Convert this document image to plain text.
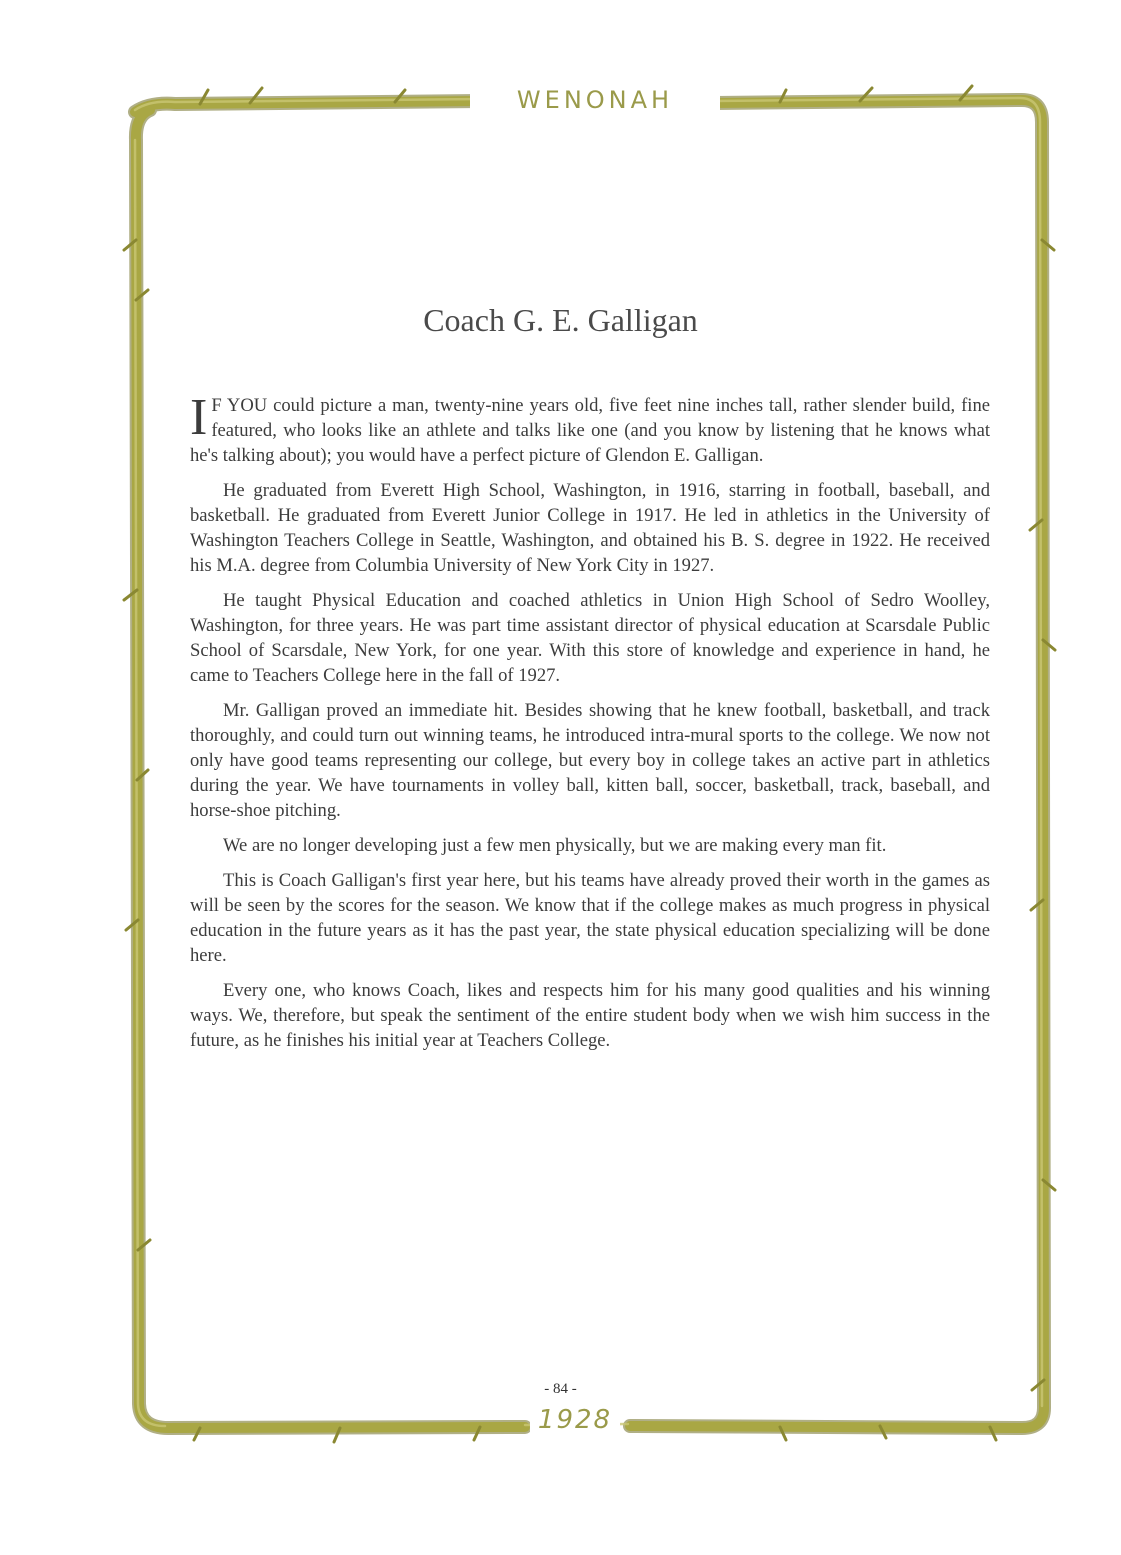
WENONAH
Coach G. E. Galligan

I F YOU could picture a man, twenty-nine years old, five feet nine inches tall, rather slender build, fine featured, who looks like an athlete and talks like one (and you know by listening that he knows what he's talking about); you would have a perfect picture of Glendon E. Galligan.

He graduated from Everett High School, Washington, in 1916, starring in football, baseball, and basketball. He graduated from Everett Junior College in 1917. He led in athletics in the University of Washington Teachers College in Seattle, Washington, and obtained his B. S. degree in 1922. He received his M.A. degree from Columbia University of New York City in 1927.

He taught Physical Education and coached athletics in Union High School of Sedro Woolley, Washington, for three years. He was part time assistant director of physical education at Scarsdale Public School of Scarsdale, New York, for one year. With this store of knowledge and experience in hand, he came to Teachers College here in the fall of 1927.

Mr. Galligan proved an immediate hit. Besides showing that he knew football, basketball, and track thoroughly, and could turn out winning teams, he introduced intra-mural sports to the college. We now not only have good teams representing our college, but every boy in college takes an active part in athletics during the year. We have tournaments in volley ball, kitten ball, soccer, basketball, track, baseball, and horse-shoe pitching.

We are no longer developing just a few men physically, but we are making every man fit.

This is Coach Galligan's first year here, but his teams have already proved their worth in the games as will be seen by the scores for the season. We know that if the college makes as much progress in physical education in the future years as it has the past year, the state physical education specializing will be done here.

Every one, who knows Coach, likes and respects him for his many good qualities and his winning ways. We, therefore, but speak the sentiment of the entire student body when we wish him success in the future, as he finishes his initial year at Teachers College.

- 84 -
1928
